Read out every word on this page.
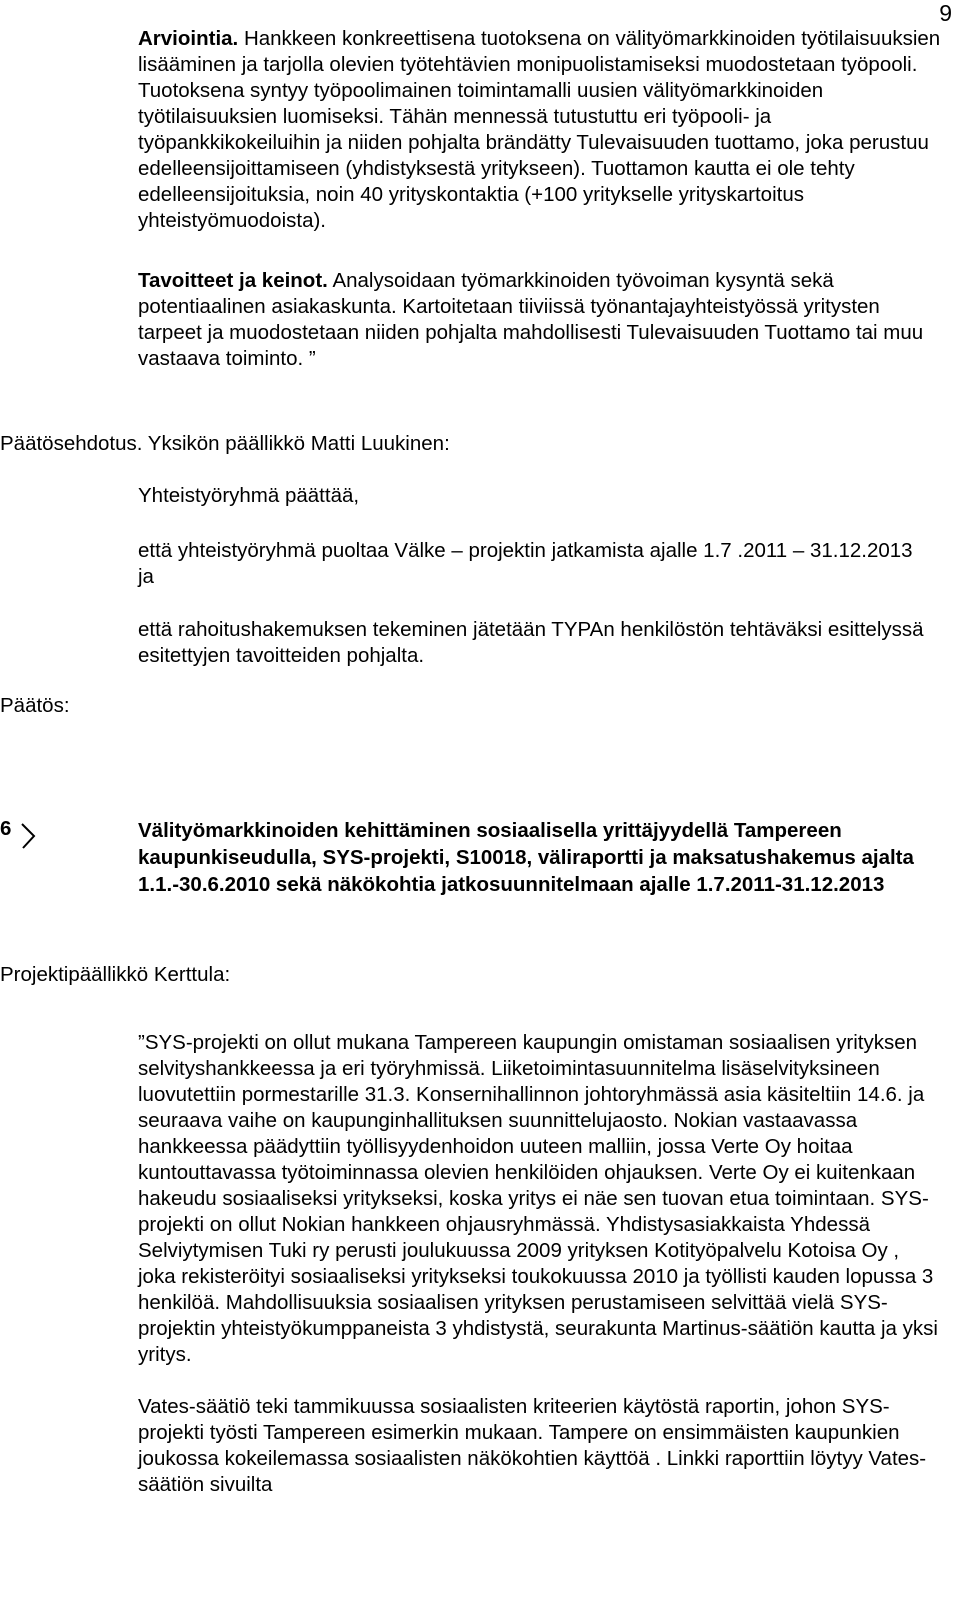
9

Arviointia. Hankkeen konkreettisena tuotoksena on välityömarkkinoiden työtilaisuuksien lisääminen ja tarjolla olevien työtehtävien monipuolistamiseksi muodostetaan työpooli. Tuotoksena syntyy työpoolimainen toimintamalli uusien välityömarkkinoiden työtilaisuuksien luomiseksi. Tähän mennessä tutustuttu eri työpooli- ja työpankkikokeiluihin ja niiden pohjalta brändätty Tulevaisuuden tuottamo, joka perustuu edelleensijoittamiseen (yhdistyksestä yritykseen). Tuottamon kautta ei ole tehty edelleensijoituksia, noin 40 yrityskontaktia (+100 yritykselle yrityskartoitus yhteistyömuodoista).

Tavoitteet ja keinot. Analysoidaan työmarkkinoiden työvoiman kysyntä sekä potentiaalinen asiakaskunta. Kartoitetaan tiiviissä työnantajayhteistyössä yritysten tarpeet ja muodostetaan niiden pohjalta mahdollisesti Tulevaisuuden Tuottamo tai muu vastaava toiminto. ”

Päätösehdotus. Yksikön päällikkö Matti Luukinen:
Yhteistyöryhmä päättää,
että yhteistyöryhmä puoltaa Välke – projektin jatkamista ajalle 1.7 .2011 – 31.12.2013 ja
että rahoitushakemuksen tekeminen jätetään TYPAn henkilöstön tehtäväksi esittelyssä esitettyjen tavoitteiden pohjalta.
Päätös:
6	Välityömarkkinoiden kehittäminen sosiaalisella yrittäjyydellä Tampereen kaupunkiseudulla, SYS-projekti, S10018, väliraportti ja maksatushakemus ajalta 1.1.-30.6.2010 sekä näkökohtia jatkosuunnitelmaan ajalle 1.7.2011-31.12.2013
Projektipäällikkö Kerttula:

”SYS-projekti on ollut mukana Tampereen kaupungin omistaman sosiaalisen yrityksen selvityshankkeessa ja eri työryhmissä. Liiketoimintasuunnitelma lisäselvityksineen luovutettiin pormestarille 31.3. Konsernihallinnon johtoryhmässä asia käsiteltiin 14.6. ja seuraava vaihe on kaupunginhallituksen suunnittelujaosto. Nokian vastaavassa hankkeessa päädyttiin työllisyydenhoidon uuteen malliin, jossa Verte Oy hoitaa kuntouttavassa työtoiminnassa olevien henkilöiden ohjauksen. Verte Oy ei kuitenkaan hakeudu sosiaaliseksi yritykseksi, koska yritys ei näe sen tuovan etua toimintaan. SYS-projekti on ollut Nokian hankkeen ohjausryhmässä. Yhdistysasiakkaista Yhdessä Selviytymisen Tuki ry perusti joulukuussa 2009 yrityksen Kotityöpalvelu Kotoisa Oy , joka rekisteröityi sosiaaliseksi yritykseksi toukokuussa 2010 ja työllisti kauden lopussa 3 henkilöä. Mahdollisuuksia sosiaalisen yrityksen perustamiseen selvittää vielä SYS-projektin yhteistyökumppaneista 3 yhdistystä, seurakunta Martinus-säätiön kautta ja yksi yritys.

Vates-säätiö teki tammikuussa sosiaalisten kriteerien käytöstä raportin, johon SYS-projekti työsti Tampereen esimerkin mukaan. Tampere on ensimmäisten kaupunkien joukossa kokeilemassa sosiaalisten näkökohtien käyttöä . Linkki raporttiin löytyy Vates-säätiön sivuilta
